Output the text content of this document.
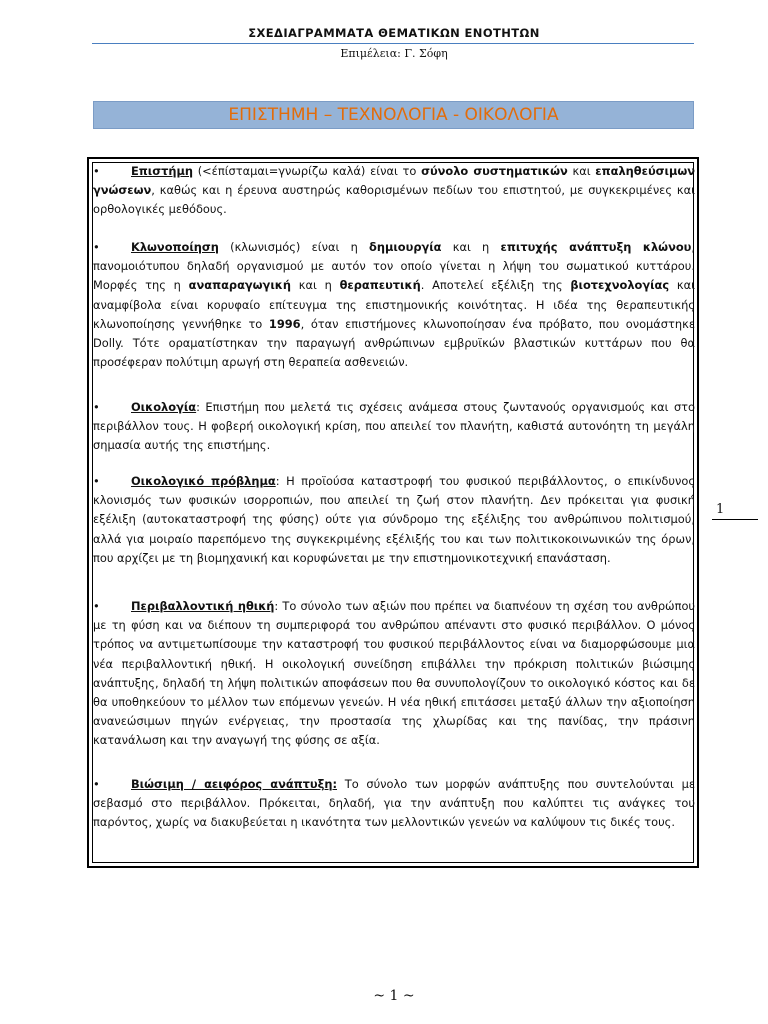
ΣΧΕΔΙΑΓΡΑΜΜΑΤΑ ΘΕΜΑΤΙΚΩΝ ΕΝΟΤΗΤΩΝ
Επιμέλεια: Γ. Σόφη
ΕΠΙΣΤΗΜΗ – ΤΕΧΝΟΛΟΓΙΑ - ΟΙΚΟΛΟΓΙΑ

•	Επιστήμη (<έπίσταμαι=γνωρίζω καλά) είναι το σύνολο συστηματικών και επαληθεύσιμων γνώσεων, καθώς και η έρευνα αυστηρώς καθορισμένων πεδίων του επιστητού, με συγκεκριμένες και ορθολογικές μεθόδους.

•	Κλωνοποίηση (κλωνισμός) είναι η δημιουργία και η επιτυχής ανάπτυξη κλώνου, πανομοιότυπου δηλαδή οργανισμού με αυτόν τον οποίο γίνεται η λήψη του σωματικού κυττάρου. Μορφές της η αναπαραγωγική και η θεραπευτική. Αποτελεί εξέλιξη της βιοτεχνολογίας και αναμφίβολα είναι κορυφαίο επίτευγμα της επιστημονικής κοινότητας. Η ιδέα της θεραπευτικής κλωνοποίησης γεννήθηκε το 1996, όταν επιστήμονες κλωνοποίησαν ένα πρόβατο, που ονομάστηκε Dolly. Τότε οραματίστηκαν την παραγωγή ανθρώπινων εμβρυϊκών βλαστικών κυττάρων που θα προσέφεραν πολύτιμη αρωγή στη θεραπεία ασθενειών.

•	Οικολογία: Επιστήμη που μελετά τις σχέσεις ανάμεσα στους ζωντανούς οργανισμούς και στο περιβάλλον τους. Η φοβερή οικολογική κρίση, που απειλεί τον πλανήτη, καθιστά αυτονόητη τη μεγάλη σημασία αυτής της επιστήμης.

•	Οικολογικό πρόβλημα: Η προϊούσα καταστροφή του φυσικού περιβάλλοντος, ο επικίνδυνος κλονισμός των φυσικών ισορροπιών, που απειλεί τη ζωή στον πλανήτη. Δεν πρόκειται για φυσική εξέλιξη (αυτοκαταστροφή της φύσης) ούτε για σύνδρομο της εξέλιξης του ανθρώπινου πολιτισμού, αλλά για μοιραίο παρεπόμενο της συγκεκριμένης εξέλιξής του και των πολιτικοκοινωνικών της όρων, που αρχίζει με τη βιομηχανική και κορυφώνεται με την επιστημονικοτεχνική επανάσταση.

•	Περιβαλλοντική ηθική: Το σύνολο των αξιών που πρέπει να διαπνέουν τη σχέση του ανθρώπου με τη φύση και να διέπουν τη συμπεριφορά του ανθρώπου απέναντι στο φυσικό περιβάλλον. Ο μόνος τρόπος να αντιμετωπίσουμε την καταστροφή του φυσικού περιβάλλοντος είναι να διαμορφώσουμε μια νέα περιβαλλοντική ηθική. Η οικολογική συνείδηση επιβάλλει την πρόκριση πολιτικών βιώσιμης ανάπτυξης, δηλαδή τη λήψη πολιτικών αποφάσεων που θα συνυπολογίζουν το οικολογικό κόστος και δε θα υποθηκεύουν το μέλλον των επόμενων γενεών. Η νέα ηθική επιτάσσει μεταξύ άλλων την αξιοποίηση ανανεώσιμων πηγών ενέργειας, την προστασία της χλωρίδας και της πανίδας, την πράσινη κατανάλωση και την αναγωγή της φύσης σε αξία.

•	Βιώσιμη / αειφόρος ανάπτυξη: Το σύνολο των μορφών ανάπτυξης που συντελούνται με σεβασμό στο περιβάλλον. Πρόκειται, δηλαδή, για την ανάπτυξη που καλύπτει τις ανάγκες του παρόντος, χωρίς να διακυβεύεται η ικανότητα των μελλοντικών γενεών να καλύψουν τις δικές τους.

1
~ 1 ~
